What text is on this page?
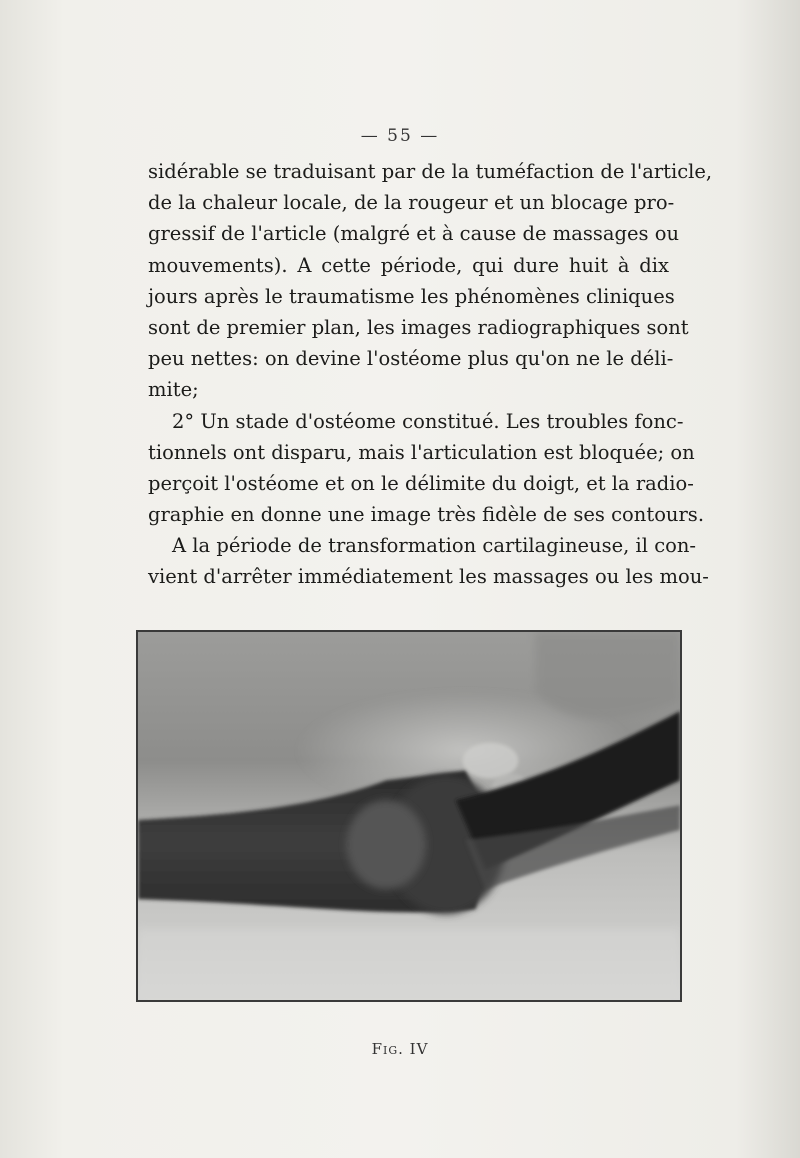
— 55 —
sidérable se traduisant par de la tuméfaction de l'article,
de la chaleur locale, de la rougeur et un blocage pro-
gressif de l'article (malgré et à cause de massages ou
mouvements). A cette période, qui dure huit à dix
jours après le traumatisme les phénomènes cliniques
sont de premier plan, les images radiographiques sont
peu nettes: on devine l'ostéome plus qu'on ne le déli-
mite;
2° Un stade d'ostéome constitué. Les troubles fonc-
tionnels ont disparu, mais l'articulation est bloquée; on
perçoit l'ostéome et on le délimite du doigt, et la radio-
graphie en donne une image très fidèle de ses contours.
A la période de transformation cartilagineuse, il con-
vient d'arrêter immédiatement les massages ou les mou-
Fig. IV
